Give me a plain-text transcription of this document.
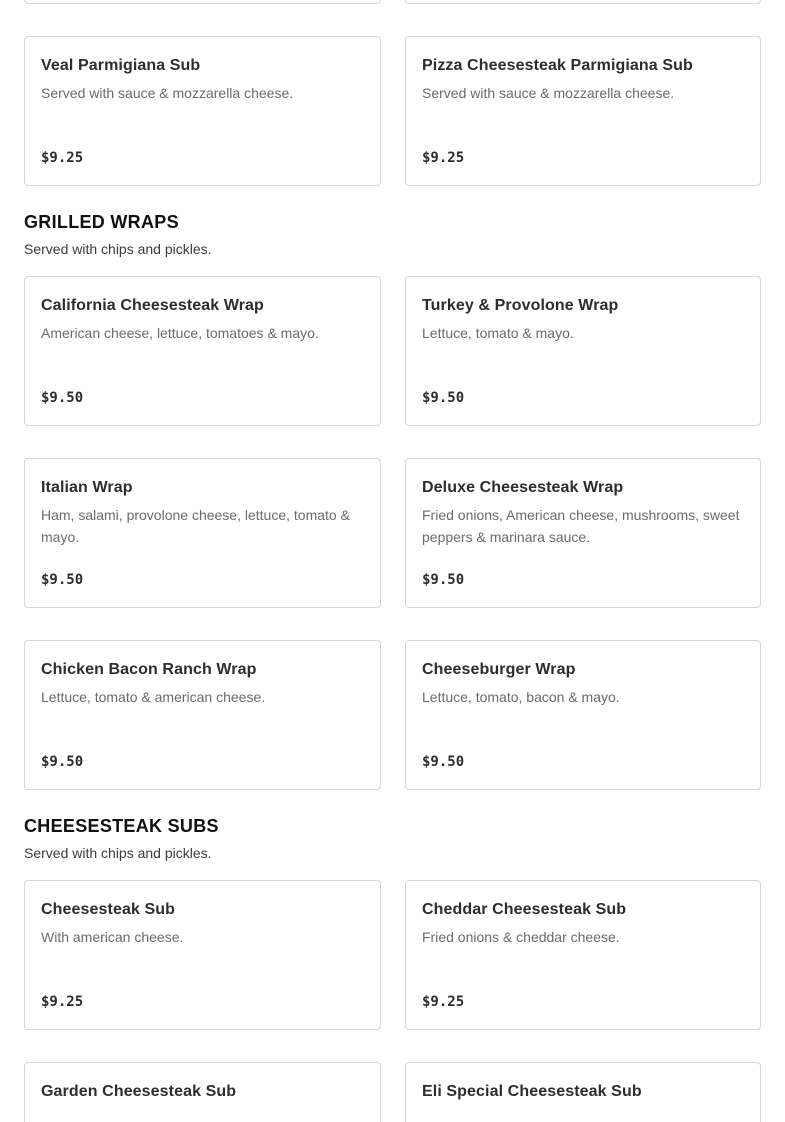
Veal Parmigiana Sub
Served with sauce & mozzarella cheese.
$9.25
Pizza Cheesesteak Parmigiana Sub
Served with sauce & mozzarella cheese.
$9.25
GRILLED WRAPS
Served with chips and pickles.
California Cheesesteak Wrap
American cheese, lettuce, tomatoes & mayo.
$9.50
Turkey & Provolone Wrap
Lettuce, tomato & mayo.
$9.50
Italian Wrap
Ham, salami, provolone cheese, lettuce, tomato & mayo.
$9.50
Deluxe Cheesesteak Wrap
Fried onions, American cheese, mushrooms, sweet peppers & marinara sauce.
$9.50
Chicken Bacon Ranch Wrap
Lettuce, tomato & american cheese.
$9.50
Cheeseburger Wrap
Lettuce, tomato, bacon & mayo.
$9.50
CHEESESTEAK SUBS
Served with chips and pickles.
Cheesesteak Sub
With american cheese.
$9.25
Cheddar Cheesesteak Sub
Fried onions & cheddar cheese.
$9.25
Garden Cheesesteak Sub	Eli Special Cheesesteak Sub
